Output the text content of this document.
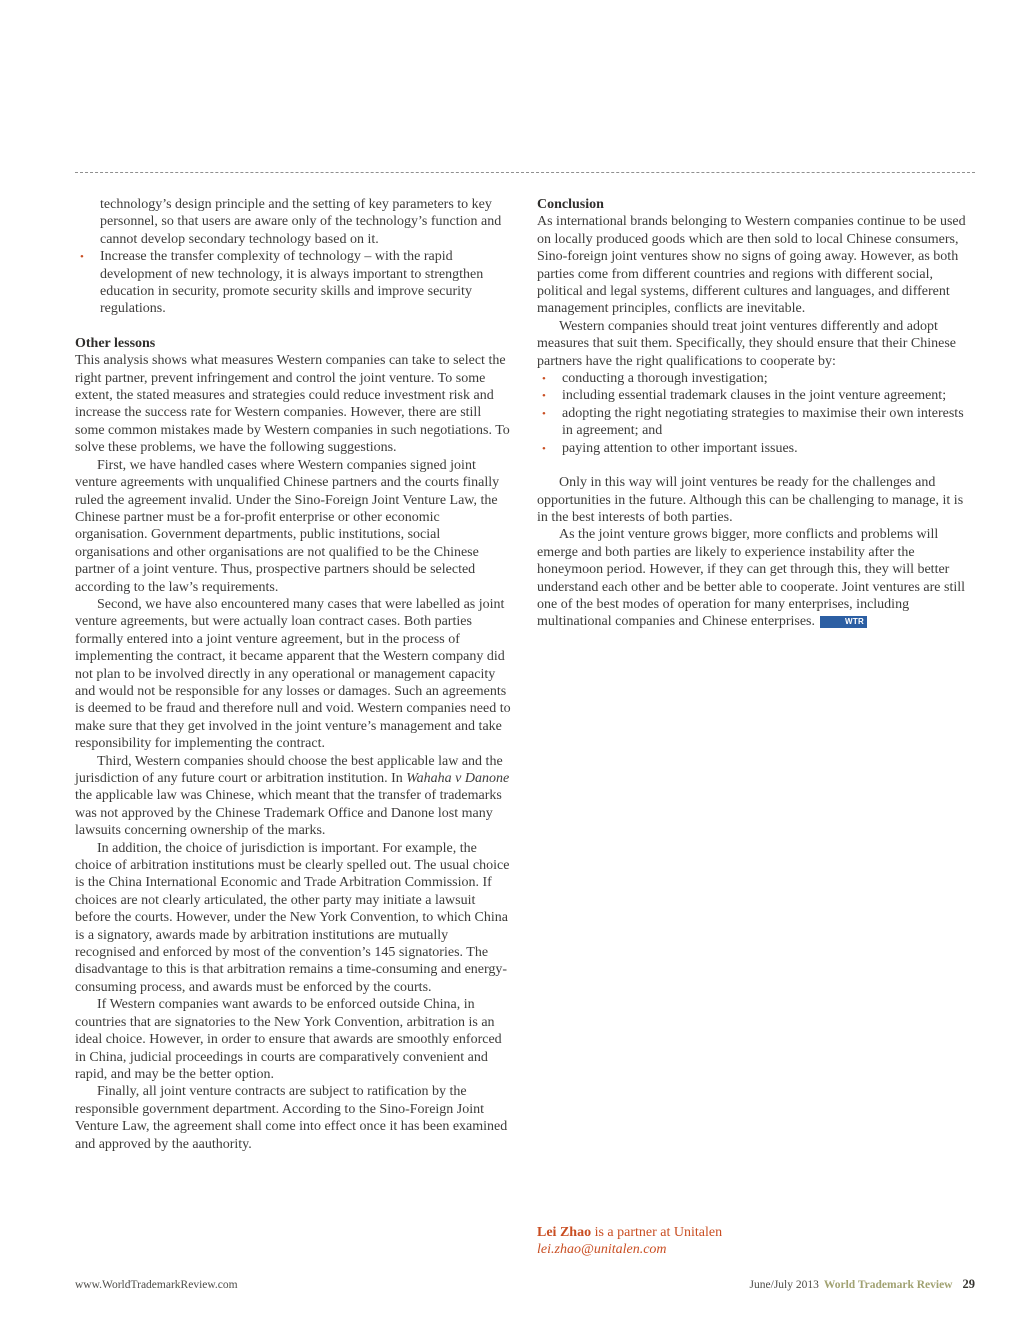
technology’s design principle and the setting of key parameters to key personnel, so that users are aware only of the technology’s function and cannot develop secondary technology based on it.
• Increase the transfer complexity of technology – with the rapid development of new technology, it is always important to strengthen education in security, promote security skills and improve security regulations.
Other lessons

This analysis shows what measures Western companies can take to select the right partner, prevent infringement and control the joint venture. To some extent, the stated measures and strategies could reduce investment risk and increase the success rate for Western companies. However, there are still some common mistakes made by Western companies in such negotiations. To solve these problems, we have the following suggestions.

First, we have handled cases where Western companies signed joint venture agreements with unqualified Chinese partners and the courts finally ruled the agreement invalid. Under the Sino-Foreign Joint Venture Law, the Chinese partner must be a for-profit enterprise or other economic organisation. Government departments, public institutions, social organisations and other organisations are not qualified to be the Chinese partner of a joint venture. Thus, prospective partners should be selected according to the law’s requirements.

Second, we have also encountered many cases that were labelled as joint venture agreements, but were actually loan contract cases. Both parties formally entered into a joint venture agreement, but in the process of implementing the contract, it became apparent that the Western company did not plan to be involved directly in any operational or management capacity and would not be responsible for any losses or damages. Such an agreements is deemed to be fraud and therefore null and void. Western companies need to make sure that they get involved in the joint venture’s management and take responsibility for implementing the contract.

Third, Western companies should choose the best applicable law and the jurisdiction of any future court or arbitration institution. In Wahaha v Danone the applicable law was Chinese, which meant that the transfer of trademarks was not approved by the Chinese Trademark Office and Danone lost many lawsuits concerning ownership of the marks.

In addition, the choice of jurisdiction is important. For example, the choice of arbitration institutions must be clearly spelled out. The usual choice is the China International Economic and Trade Arbitration Commission. If choices are not clearly articulated, the other party may initiate a lawsuit before the courts. However, under the New York Convention, to which China is a signatory, awards made by arbitration institutions are mutually recognised and enforced by most of the convention’s 145 signatories. The disadvantage to this is that arbitration remains a time-consuming and energy-consuming process, and awards must be enforced by the courts.

If Western companies want awards to be enforced outside China, in countries that are signatories to the New York Convention, arbitration is an ideal choice. However, in order to ensure that awards are smoothly enforced in China, judicial proceedings in courts are comparatively convenient and rapid, and may be the better option.

Finally, all joint venture contracts are subject to ratification by the responsible government department. According to the Sino-Foreign Joint Venture Law, the agreement shall come into effect once it has been examined and approved by the aauthority.

Conclusion

As international brands belonging to Western companies continue to be used on locally produced goods which are then sold to local Chinese consumers, Sino-foreign joint ventures show no signs of going away. However, as both parties come from different countries and regions with different social, political and legal systems, different cultures and languages, and different management principles, conflicts are inevitable.

Western companies should treat joint ventures differently and adopt measures that suit them. Specifically, they should ensure that their Chinese partners have the right qualifications to cooperate by:

• conducting a thorough investigation;
• including essential trademark clauses in the joint venture agreement;
• adopting the right negotiating strategies to maximise their own interests in agreement; and
• paying attention to other important issues.

Only in this way will joint ventures be ready for the challenges and opportunities in the future. Although this can be challenging to manage, it is in the best interests of both parties.

As the joint venture grows bigger, more conflicts and problems will emerge and both parties are likely to experience instability after the honeymoon period. However, if they can get through this, they will better understand each other and be better able to cooperate. Joint ventures are still one of the best modes of operation for many enterprises, including multinational companies and Chinese enterprises.	WTR

Lei Zhao is a partner at Unitalen

lei.zhao@unitalen.com

www.WorldTrademarkReview.com	June/July 2013 World Trademark Review 29
